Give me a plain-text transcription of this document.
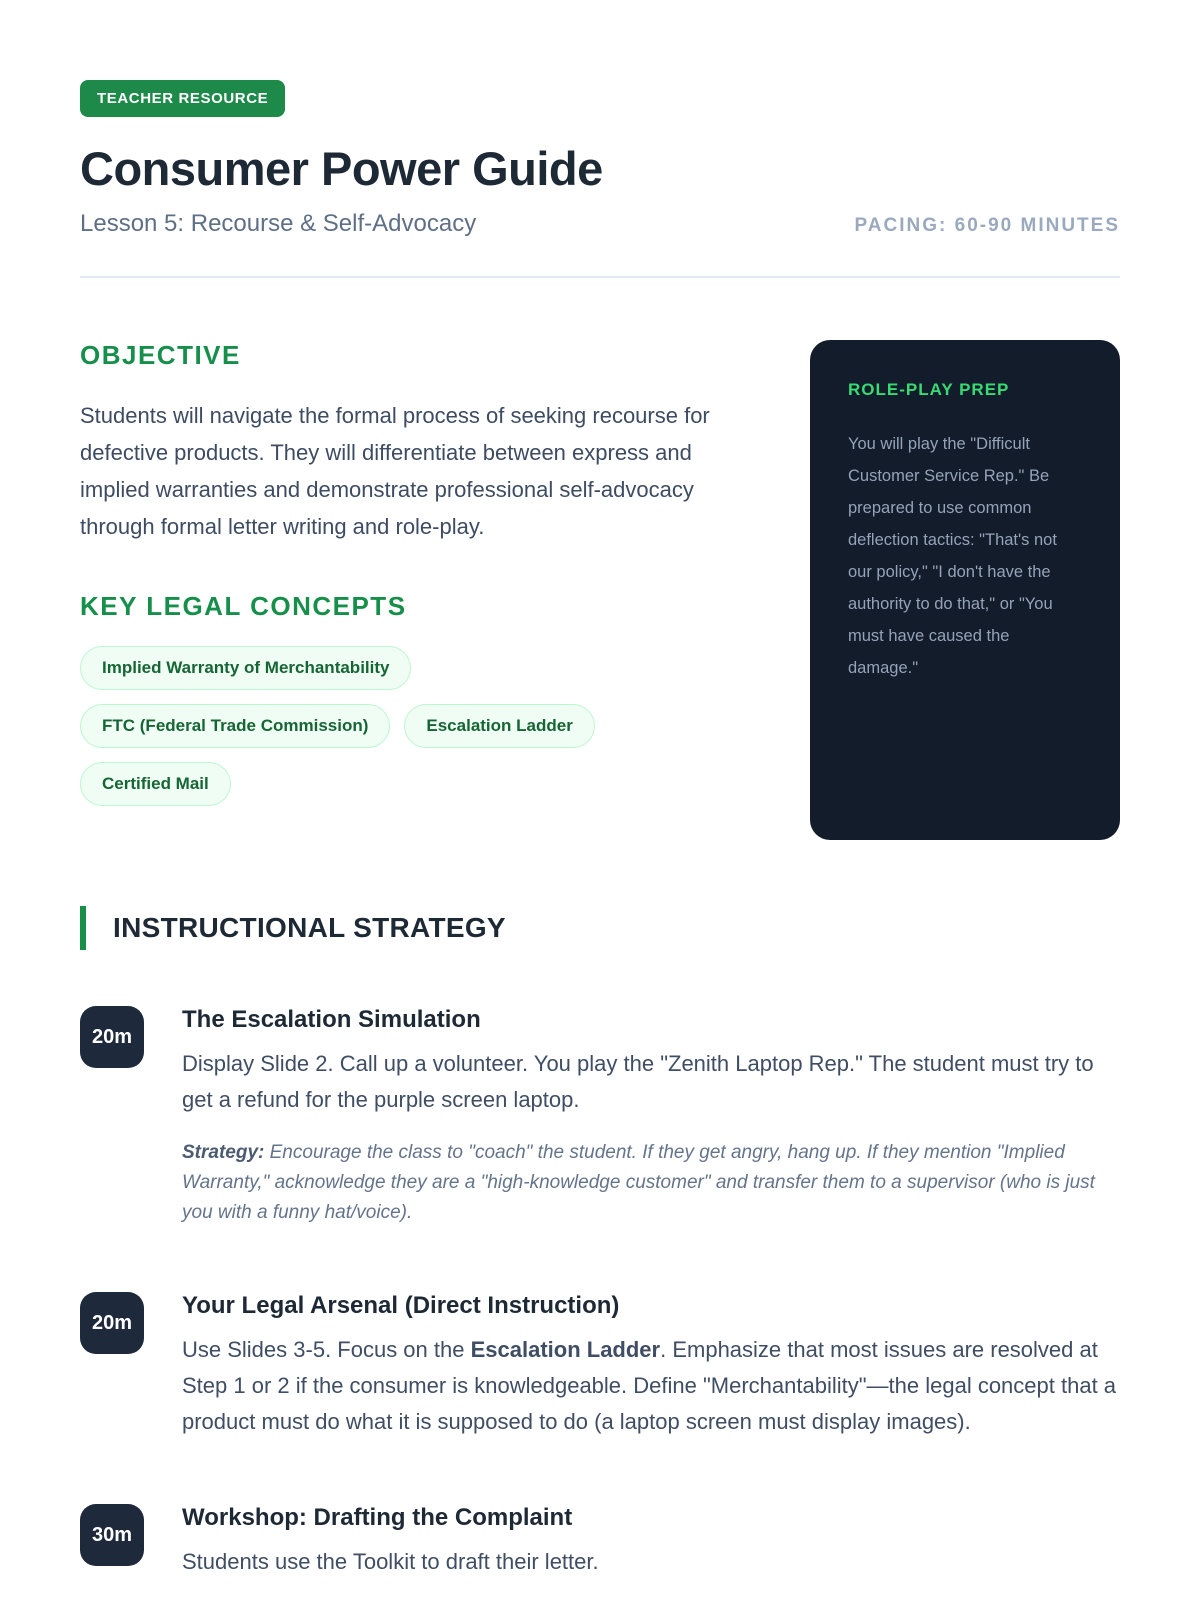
TEACHER RESOURCE
Consumer Power Guide
Lesson 5: Recourse & Self-Advocacy	PACING: 60-90 MINUTES
OBJECTIVE

Students will navigate the formal process of seeking recourse for defective products. They will differentiate between express and implied warranties and demonstrate professional self-advocacy through formal letter writing and role-play.

KEY LEGAL CONCEPTS
Implied Warranty of Merchantability
FTC (Federal Trade Commission)	Escalation Ladder
Certified Mail
ROLE-PLAY PREP

You will play the "Difficult Customer Service Rep." Be prepared to use common deflection tactics: "That's not our policy," "I don't have the authority to do that," or "You must have caused the damage."

INSTRUCTIONAL STRATEGY
20m
The Escalation Simulation
Display Slide 2. Call up a volunteer. You play the "Zenith Laptop Rep." The student must try to get a refund for the purple screen laptop.
Strategy: Encourage the class to "coach" the student. If they get angry, hang up. If they mention "Implied Warranty," acknowledge they are a "high-knowledge customer" and transfer them to a supervisor (who is just you with a funny hat/voice).
20m
Your Legal Arsenal (Direct Instruction)
Use Slides 3-5. Focus on the Escalation Ladder. Emphasize that most issues are resolved at Step 1 or 2 if the consumer is knowledgeable. Define "Merchantability"—the legal concept that a product must do what it is supposed to do (a laptop screen must display images).
30m
Workshop: Drafting the Complaint
Students use the Toolkit to draft their letter.
